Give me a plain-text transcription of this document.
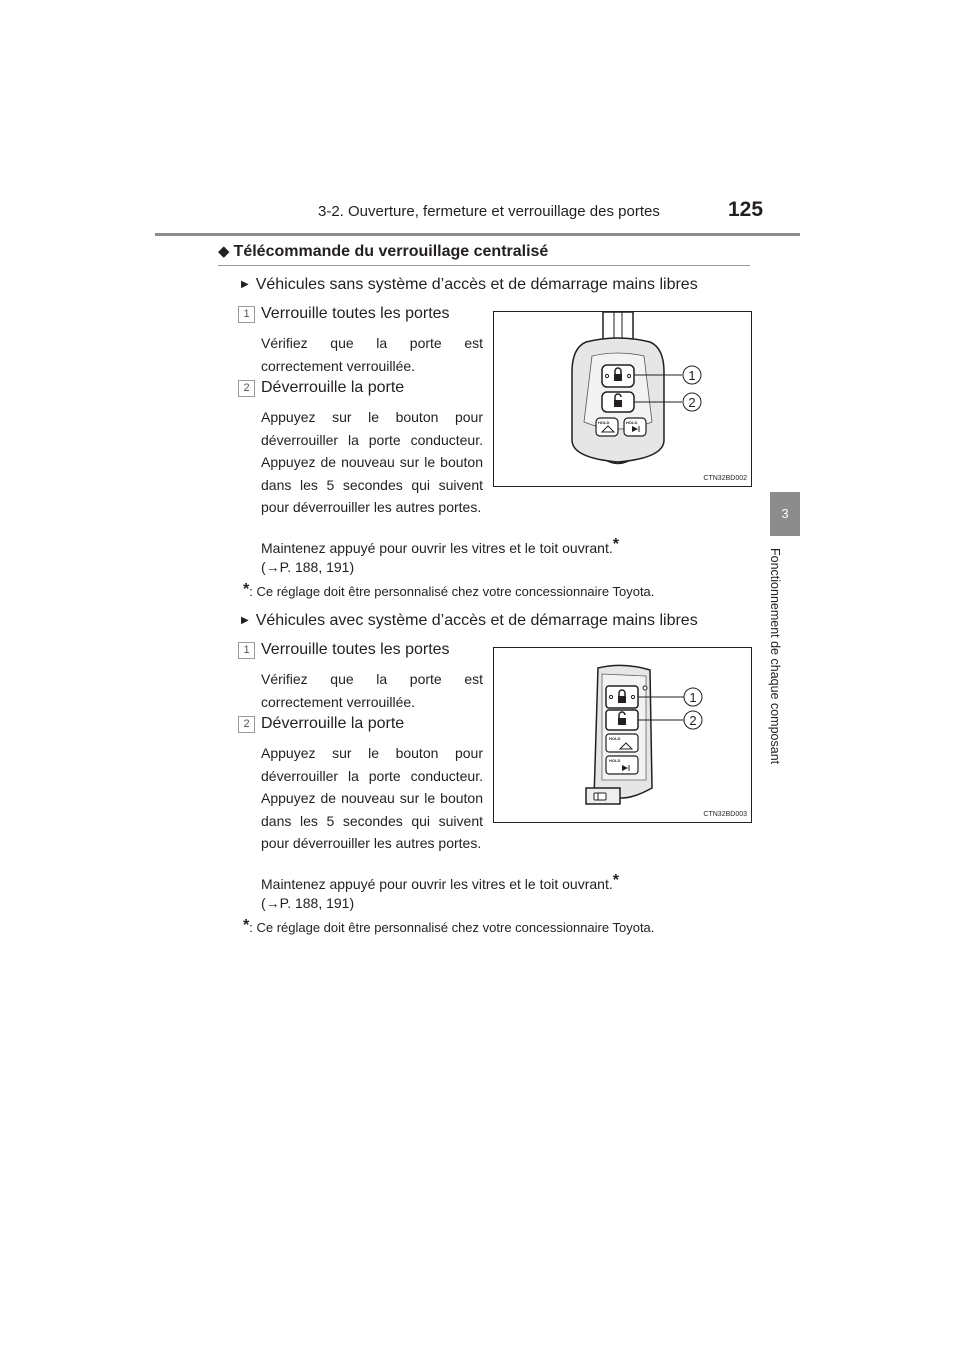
3-2. Ouverture, fermeture et verrouillage des portes	125
3
Fonctionnement de chaque composant
◆ Télécommande du verrouillage centralisé
▶ Véhicules sans système d’accès et de démarrage mains libres
1 Verrouille toutes les portes
Vérifiez que la porte est correctement verrouillée.
2 Déverrouille la porte
Appuyez sur le bouton pour déverrouiller la porte conducteur. Appuyez de nouveau sur le bouton dans les 5 secondes qui suivent pour déverrouiller les autres portes.
Maintenez appuyé pour ouvrir les vitres et le toit ouvrant.*
(→P. 188, 191)
*: Ce réglage doit être personnalisé chez votre concessionnaire Toyota.
HOLD	HOLD
1
2
CTN32BD002
▶ Véhicules avec système d’accès et de démarrage mains libres
1 Verrouille toutes les portes
Vérifiez que la porte est correctement verrouillée.
2 Déverrouille la porte
Appuyez sur le bouton pour déverrouiller la porte conducteur. Appuyez de nouveau sur le bouton dans les 5 secondes qui suivent pour déverrouiller les autres portes.
Maintenez appuyé pour ouvrir les vitres et le toit ouvrant.*
(→P. 188, 191)
*: Ce réglage doit être personnalisé chez votre concessionnaire Toyota.
HOLD
HOLD
1
2
CTN32BD003
